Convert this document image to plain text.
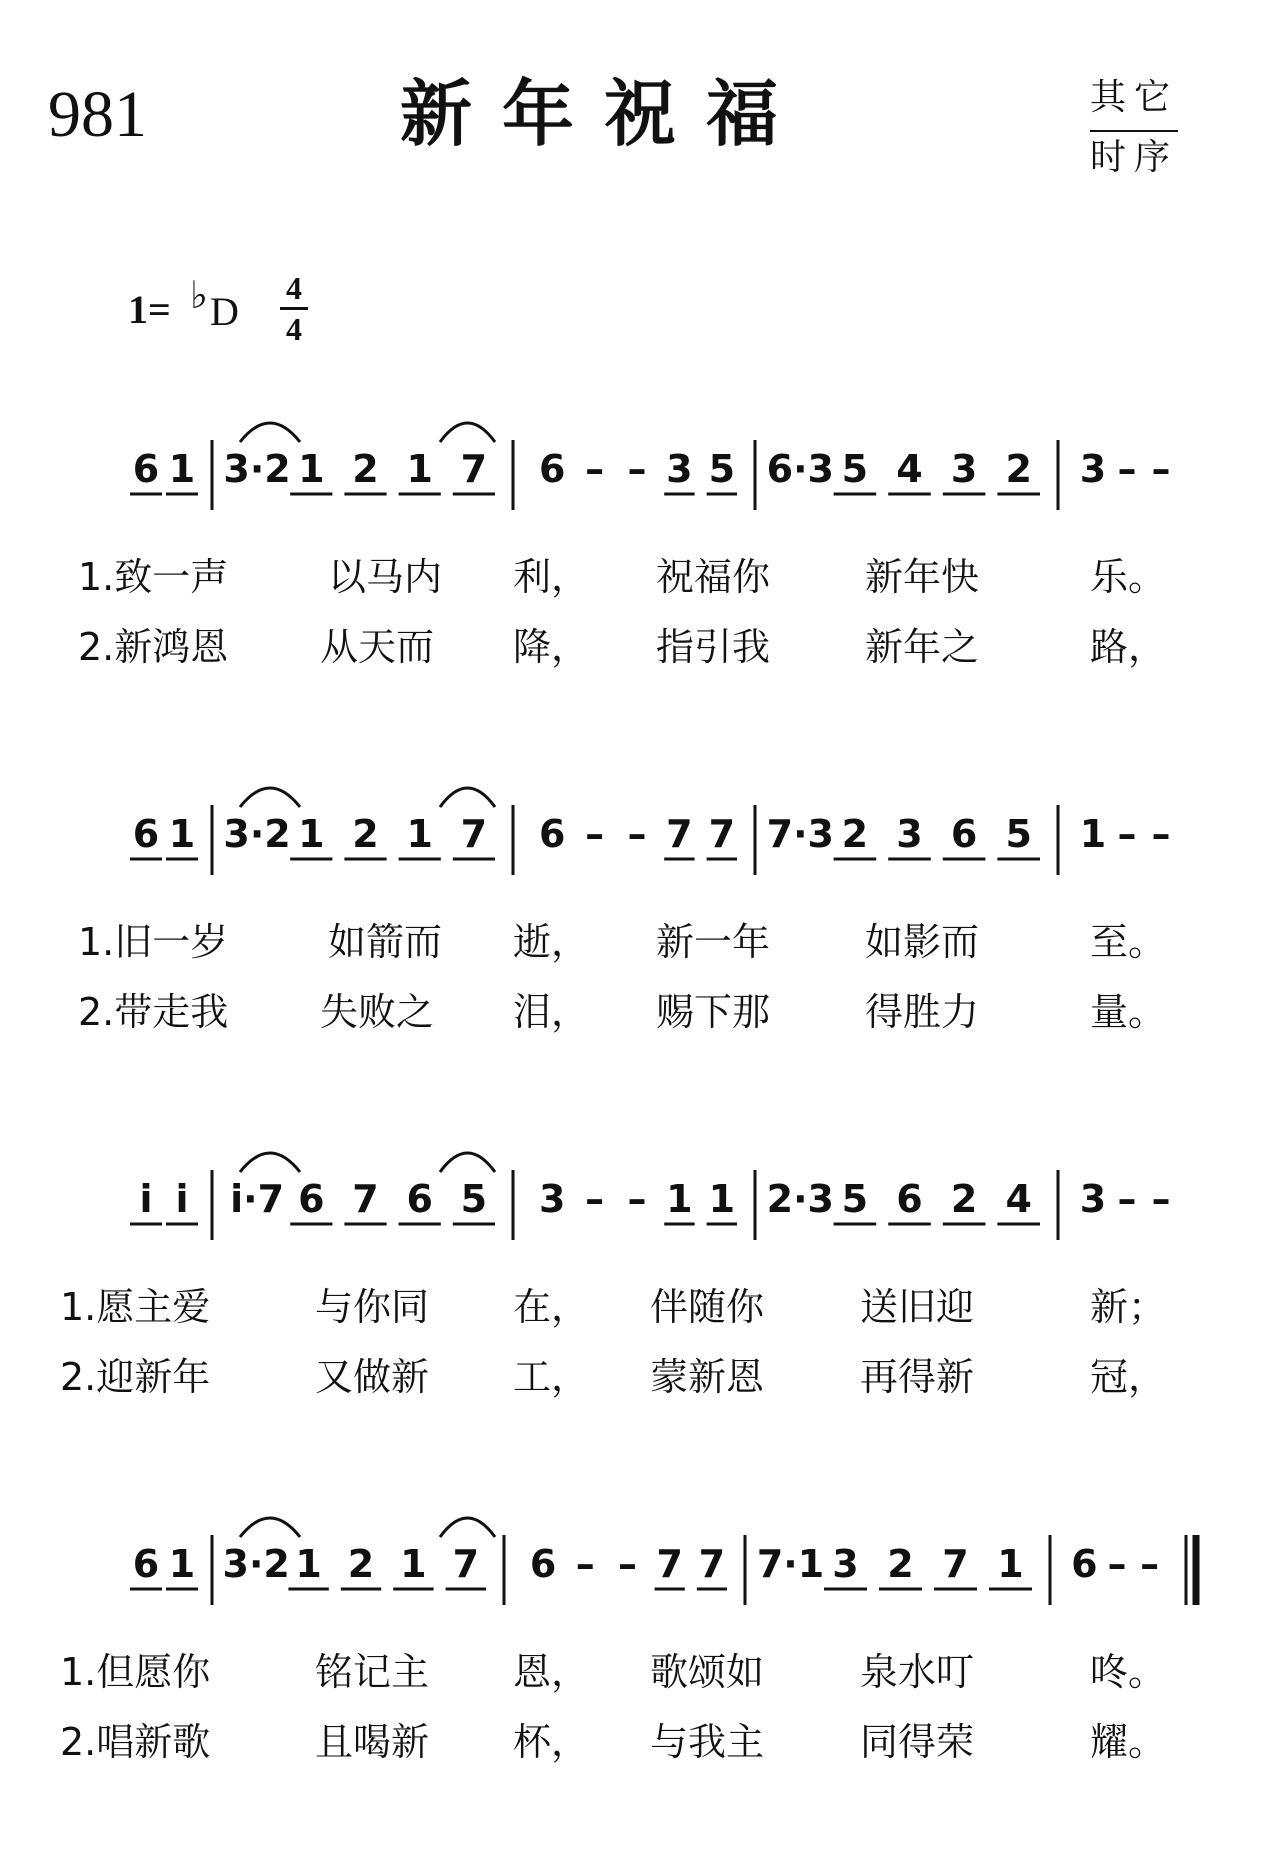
981	新年祝福	其它
时序
1= ♭ D
4
4
6 1 3·2 1 2 1 7 6 – – 3 5 6·3 5 4 3 2 3 – –
1.致一声	以马内 利， 祝福你 新年快	乐。
2.新鸿恩 从天而 降， 指引我 新年之	路，
6 1 3·2 1 2 1 7 6 – – 7 7 7·3 2 3 6 5 1 – –
1.旧一岁	如箭而 逝， 新一年 如影而	至。
2.带走我 失败之 泪， 赐下那 得胜力	量。
i i i·7 6 7 6 5 3 – – 1 1 2·3 5 6 2 4 3 – –
1.愿主爱	与你同 在， 伴随你	送旧迎	新；
2.迎新年	又做新 工， 蒙新恩	再得新	冠，
6 1 3·2 1 2 1 7 6 – – 7 7 7·1 3 2 7 1 6 – –
1.但愿你	铭记主 恩， 歌颂如	泉水叮	咚。
2.唱新歌	且喝新 杯， 与我主	同得荣	耀。
